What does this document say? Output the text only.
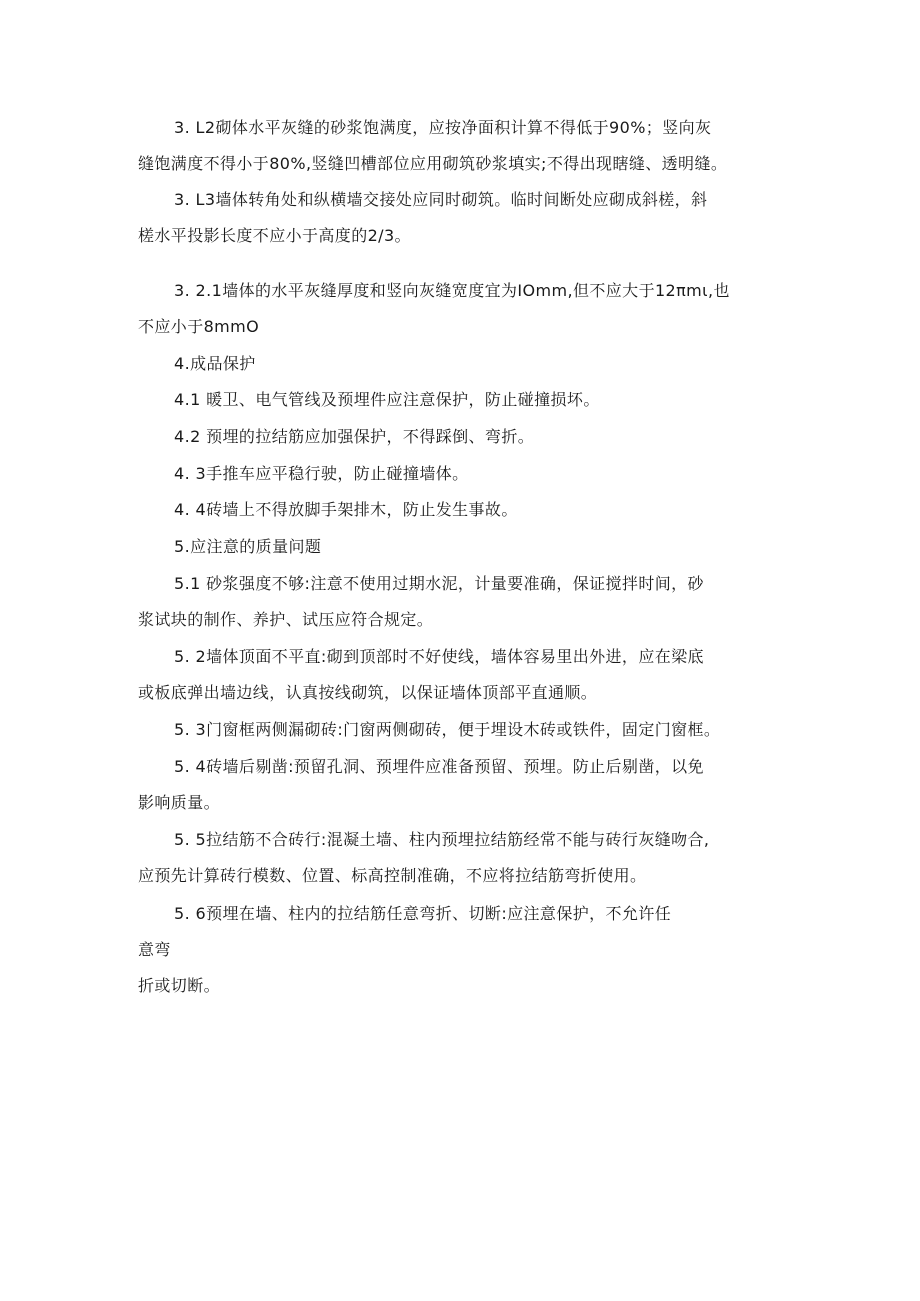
3. L2砌体水平灰缝的砂浆饱满度，应按净面积计算不得低于90%；竖向灰
缝饱满度不得小于80%,竖缝凹槽部位应用砌筑砂浆填实;不得出现瞎缝、透明缝。
3. L3墙体转角处和纵横墙交接处应同时砌筑。临时间断处应砌成斜槎，斜
槎水平投影长度不应小于高度的2/3。
3. 2.1墙体的水平灰缝厚度和竖向灰缝宽度宜为IOmm,但不应大于12πmι,也
不应小于8mmO
4.成品保护
4.1 暖卫、电气管线及预埋件应注意保护，防止碰撞损坏。
4.2 预埋的拉结筋应加强保护，不得踩倒、弯折。
4. 3手推车应平稳行驶，防止碰撞墙体。
4. 4砖墙上不得放脚手架排木，防止发生事故。
5.应注意的质量问题
5.1 砂浆强度不够:注意不使用过期水泥，计量要准确，保证搅拌时间，砂
浆试块的制作、养护、试压应符合规定。
5. 2墙体顶面不平直:砌到顶部时不好使线，墙体容易里出外进，应在梁底
或板底弹出墙边线，认真按线砌筑，以保证墙体顶部平直通顺。
5. 3门窗框两侧漏砌砖:门窗两侧砌砖，便于埋设木砖或铁件，固定门窗框。
5. 4砖墙后剔凿:预留孔洞、预埋件应准备预留、预埋。防止后剔凿，以免
影响质量。
5. 5拉结筋不合砖行:混凝土墙、柱内预埋拉结筋经常不能与砖行灰缝吻合,
应预先计算砖行模数、位置、标高控制准确，不应将拉结筋弯折使用。
5. 6预埋在墙、柱内的拉结筋任意弯折、切断:应注意保护，不允许任
意弯
折或切断。
